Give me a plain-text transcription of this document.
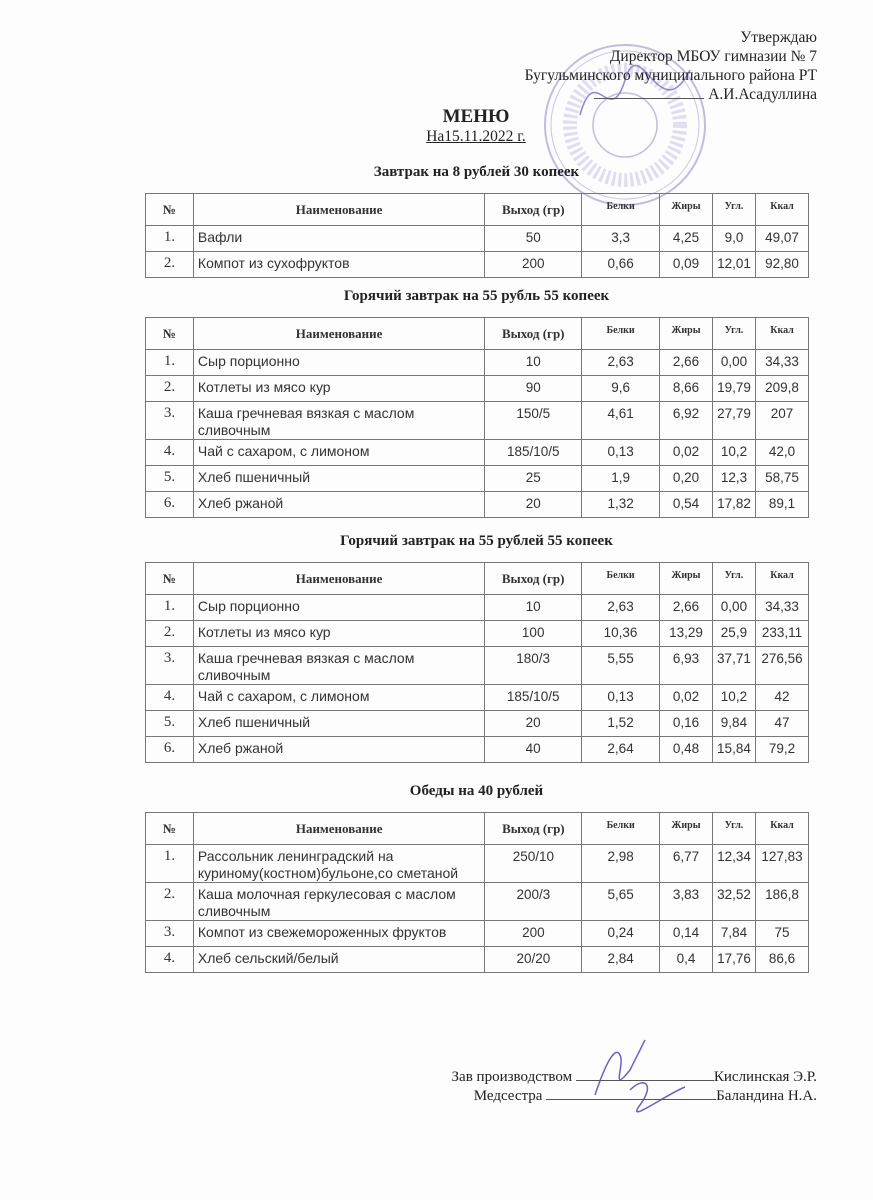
Утверждаю
Директор МБОУ гимназии № 7
Бугульминского муниципального района РТ
А.И.Асадуллина
МЕНЮ
На15.11.2022 г.
Завтрак на 8 рублей 30 копеек
№	Наименование	Выход (гр)	Белки	Жиры	Угл.	Ккал
1.	Вафли	50	3,3	4,25	9,0	49,07
2.	Компот из сухофруктов	200	0,66	0,09	12,01	92,80
Горячий завтрак на 55 рубль 55 копеек
№	Наименование	Выход (гр)	Белки	Жиры	Угл.	Ккал
1.	Сыр порционно	10	2,63	2,66	0,00	34,33
2.	Котлеты из мясо кур	90	9,6	8,66	19,79	209,8
3.	Каша гречневая вязкая с маслом сливочным	150/5	4,61	6,92	27,79	207
4.	Чай с сахаром, с лимоном	185/10/5	0,13	0,02	10,2	42,0
5.	Хлеб пшеничный	25	1,9	0,20	12,3	58,75
6.	Хлеб ржаной	20	1,32	0,54	17,82	89,1
Горячий завтрак на 55 рублей 55 копеек
№	Наименование	Выход (гр)	Белки	Жиры	Угл.	Ккал
1.	Сыр порционно	10	2,63	2,66	0,00	34,33
2.	Котлеты из мясо кур	100	10,36	13,29	25,9	233,11
3.	Каша гречневая вязкая с маслом сливочным	180/3	5,55	6,93	37,71	276,56
4.	Чай с сахаром, с лимоном	185/10/5	0,13	0,02	10,2	42
5.	Хлеб пшеничный	20	1,52	0,16	9,84	47
6.	Хлеб ржаной	40	2,64	0,48	15,84	79,2
Обеды на 40 рублей
№	Наименование	Выход (гр)	Белки	Жиры	Угл.	Ккал
1.	Рассольник ленинградский на куриному(костном)бульоне,со сметаной	250/10	2,98	6,77	12,34	127,83
2.	Каша молочная геркулесовая с маслом сливочным	200/3	5,65	3,83	32,52	186,8
3.	Компот из свежемороженных фруктов	200	0,24	0,14	7,84	75
4.	Хлеб сельский/белый	20/20	2,84	0,4	17,76	86,6
Зав производством	Кислинская Э.Р.
Медсестра	Баландина Н.А.
